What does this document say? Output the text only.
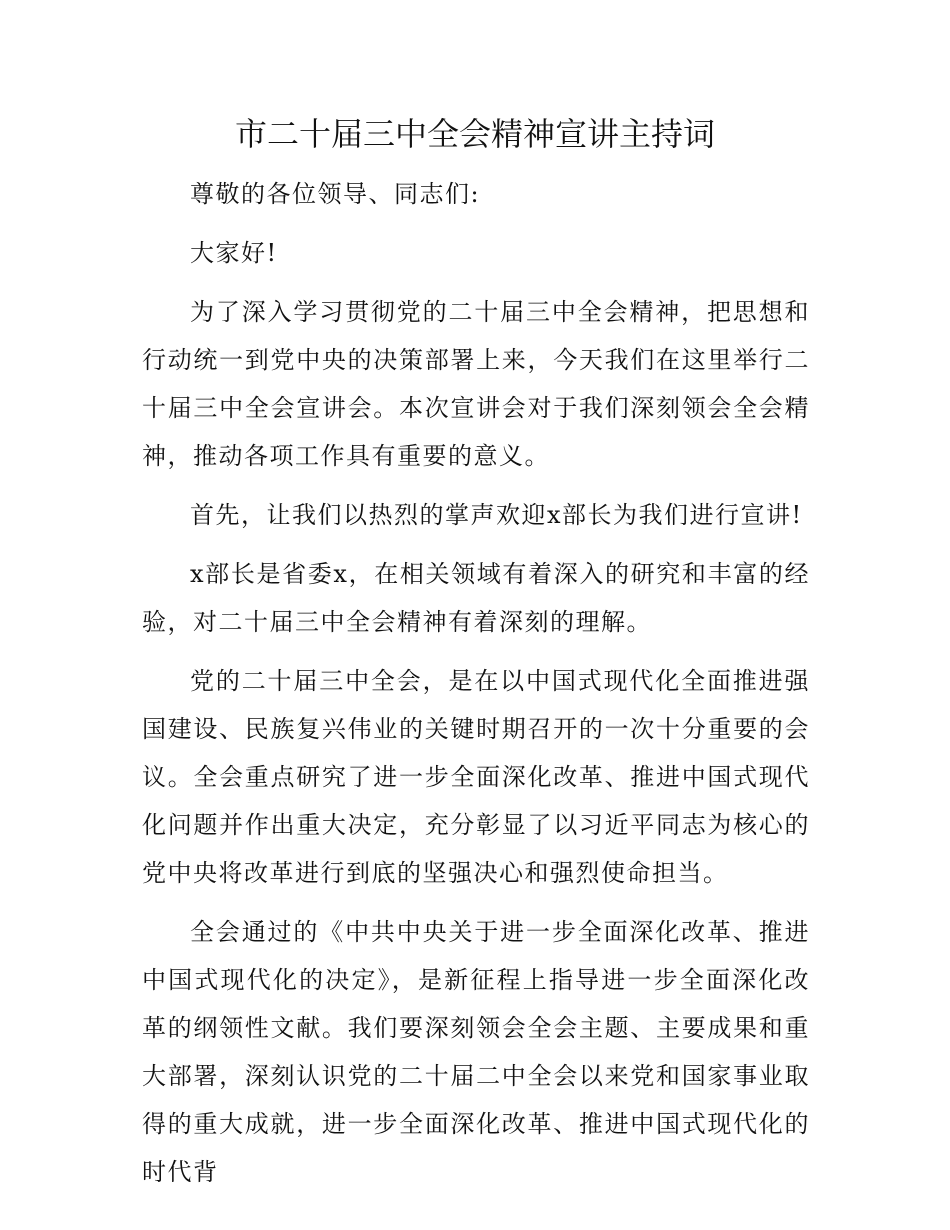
市二十届三中全会精神宣讲主持词

尊敬的各位领导、同志们:

大家好!

为了深入学习贯彻党的二十届三中全会精神，把思想和行动统一到党中央的决策部署上来，今天我们在这里举行二十届三中全会宣讲会。本次宣讲会对于我们深刻领会全会精神，推动各项工作具有重要的意义。

首先，让我们以热烈的掌声欢迎x部长为我们进行宣讲!

x部长是省委x，在相关领域有着深入的研究和丰富的经验，对二十届三中全会精神有着深刻的理解。

党的二十届三中全会，是在以中国式现代化全面推进强国建设、民族复兴伟业的关键时期召开的一次十分重要的会议。全会重点研究了进一步全面深化改革、推进中国式现代化问题并作出重大决定，充分彰显了以习近平同志为核心的党中央将改革进行到底的坚强决心和强烈使命担当。

全会通过的《中共中央关于进一步全面深化改革、推进中国式现代化的决定》，是新征程上指导进一步全面深化改革的纲领性文献。我们要深刻领会全会主题、主要成果和重大部署，深刻认识党的二十届二中全会以来党和国家事业取得的重大成就，进一步全面深化改革、推进中国式现代化的时代背
